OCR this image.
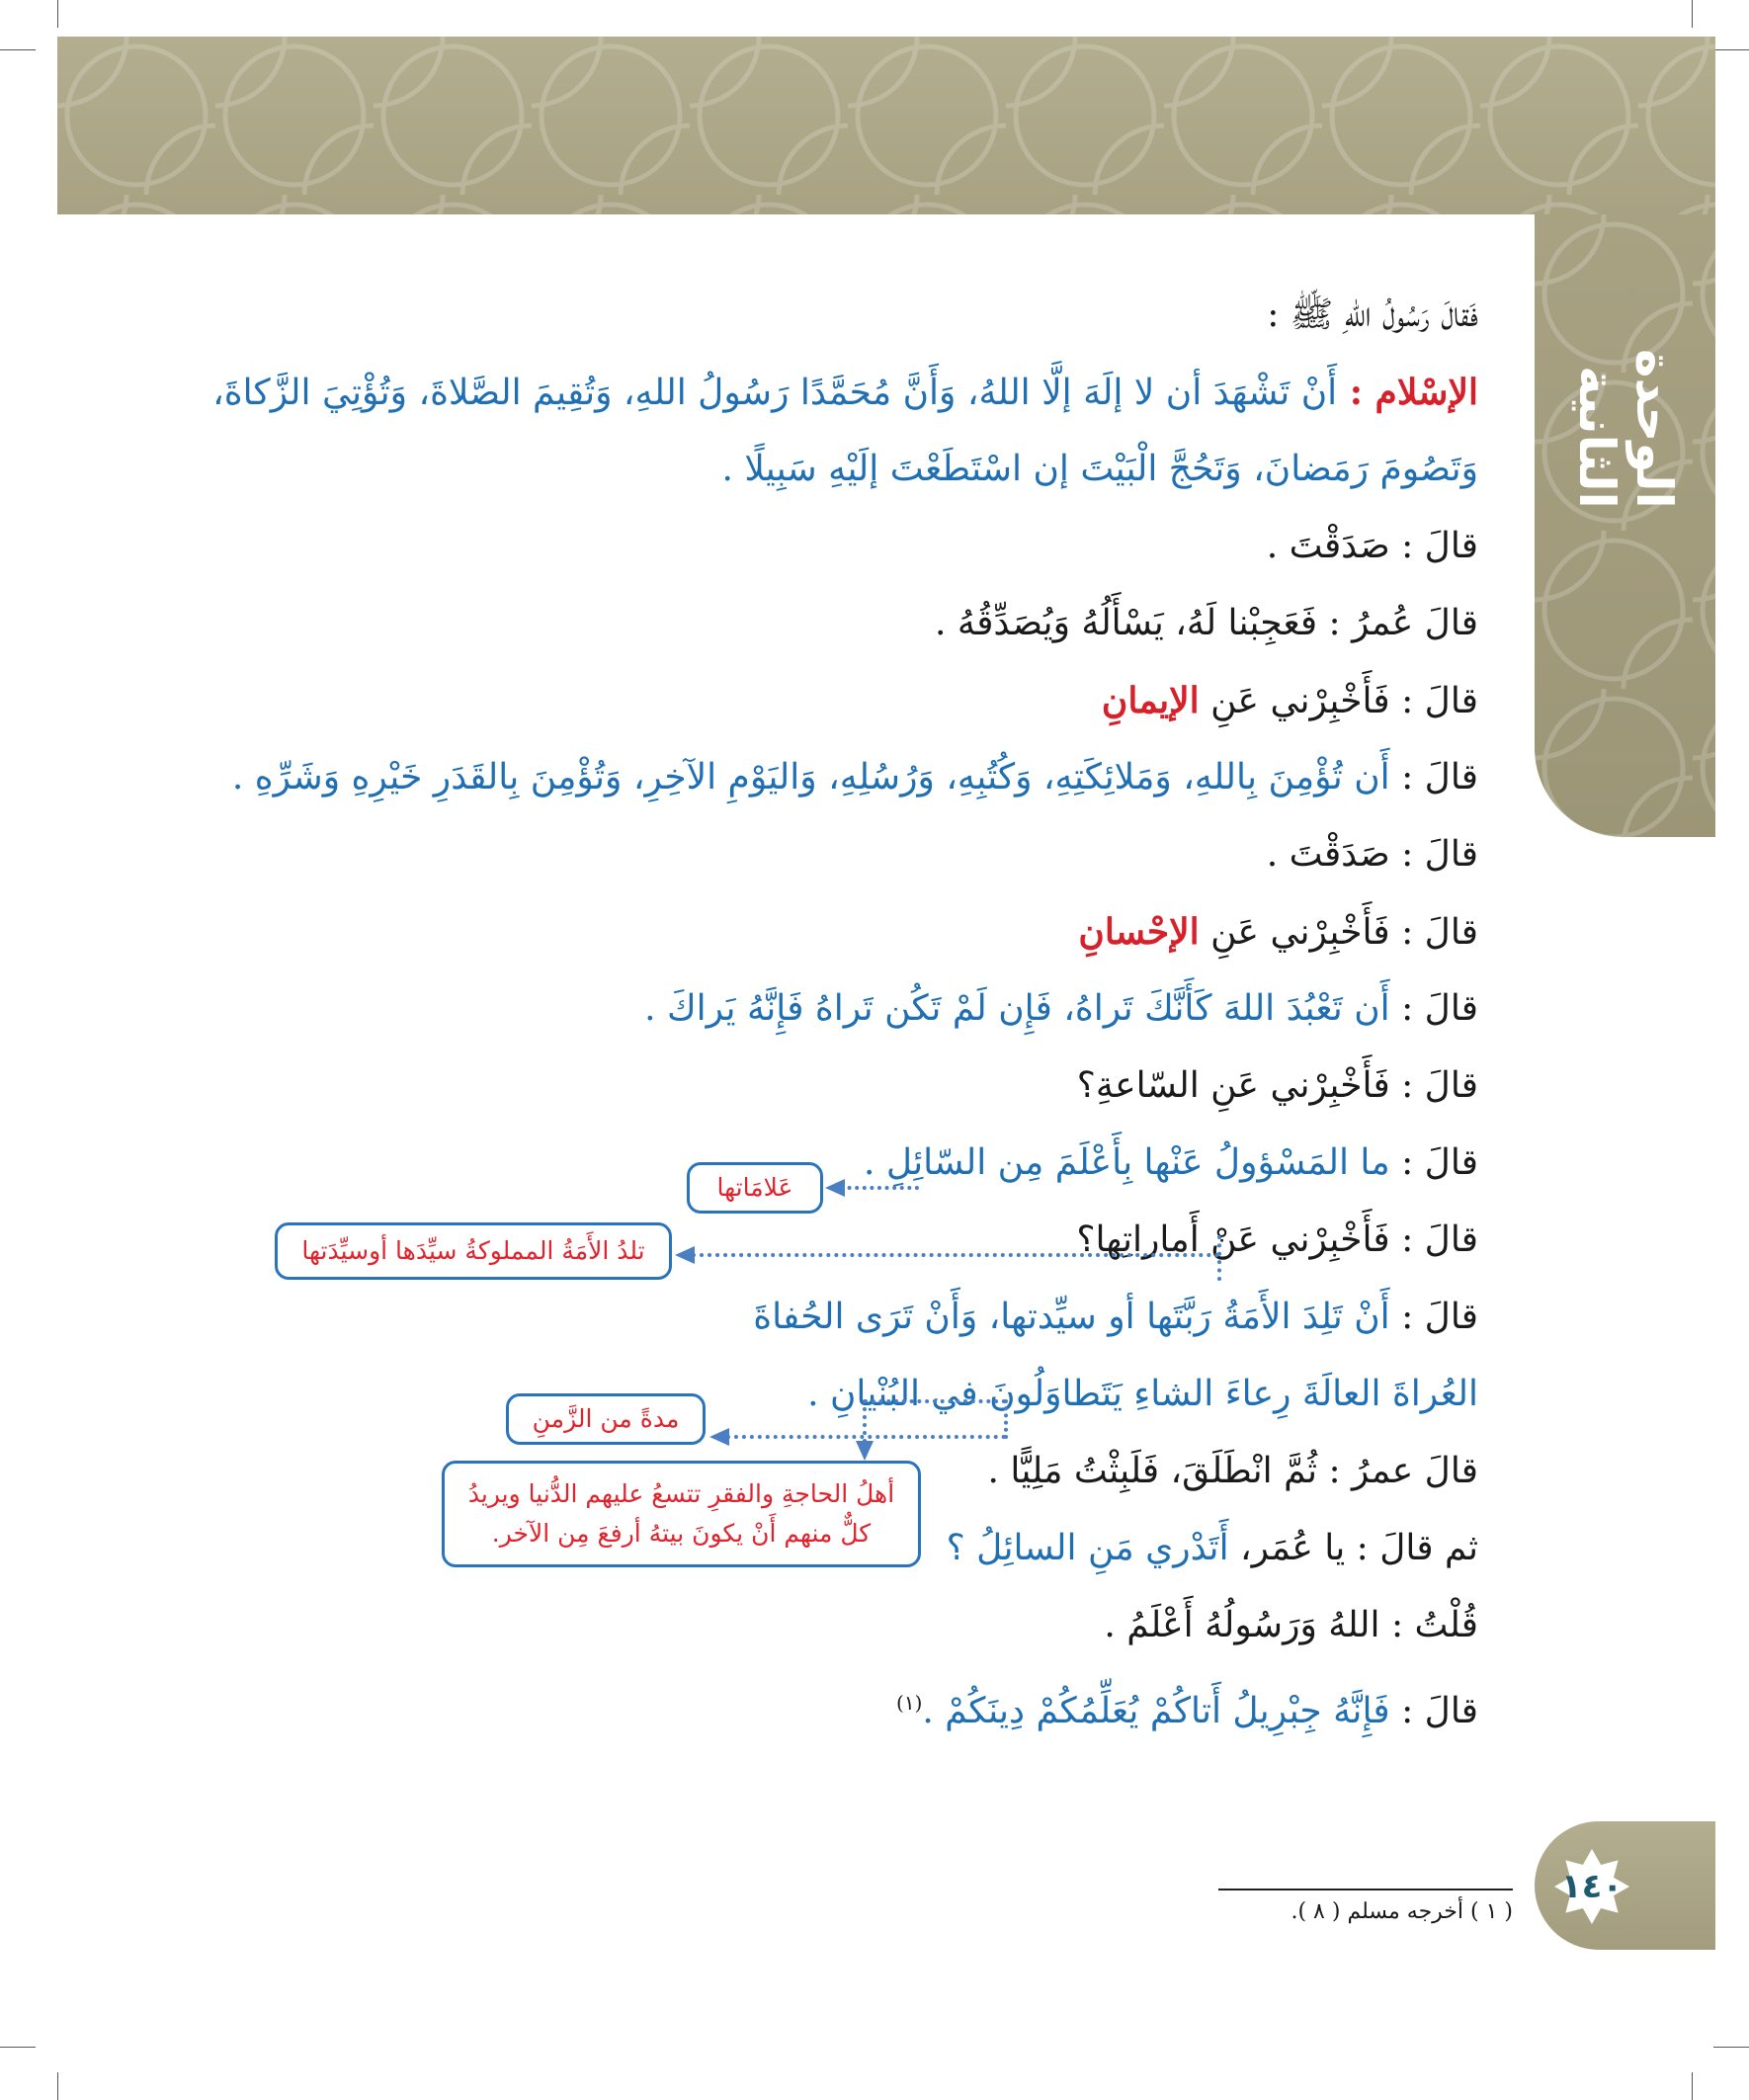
الوحدة الثانية
فَقالَ رَسُولُ اللهِ ﷺ :
الإسْلام : أَنْ تَشْهَدَ أن لا إلَهَ إلَّا اللهُ، وَأَنَّ مُحَمَّدًا رَسُولُ اللهِ، وَتُقِيمَ الصَّلاةَ، وَتُؤْتِيَ الزَّكاةَ،
وَتَصُومَ رَمَضانَ، وَتَحُجَّ الْبَيْتَ إن اسْتَطَعْتَ إلَيْهِ سَبِيلًا .
قالَ : صَدَقْتَ .
قالَ عُمرُ : فَعَجِبْنا لَهُ، يَسْأَلُهُ وَيُصَدِّقُهُ .
قالَ : فَأَخْبِرْني عَنِ الإيمانِ
قالَ : أَن تُؤْمِنَ بِاللهِ، وَمَلائِكَتِهِ، وَكُتُبِهِ، وَرُسُلِهِ، وَاليَوْمِ الآخِرِ، وَتُؤْمِنَ بِالقَدَرِ خَيْرِهِ وَشَرِّهِ .
قالَ : صَدَقْتَ .
قالَ : فَأَخْبِرْني عَنِ الإحْسانِ
قالَ : أَن تَعْبُدَ اللهَ كَأَنَّكَ تَراهُ، فَإِن لَمْ تَكُن تَراهُ فَإِنَّهُ يَراكَ .
قالَ : فَأَخْبِرْني عَنِ السّاعةِ؟
قالَ : ما المَسْؤولُ عَنْها بِأَعْلَمَ مِن السّائِلِ .
قالَ : فَأَخْبِرْني عَنْ أَماراتِها؟
قالَ : أَنْ تَلِدَ الأَمَةُ رَبَّتَها أو سيِّدتها، وَأَنْ تَرَى الحُفاةَ
العُراةَ العالَةَ رِعاءَ الشاءِ يَتَطاوَلُونَ في البُنْيانِ .
قالَ عمرُ : ثُمَّ انْطَلَقَ، فَلَبِثْتُ مَلِيًّا .
ثم قالَ : يا عُمَر، أَتَدْري مَنِ السائِلُ ؟
قُلْتُ : اللهُ وَرَسُولُهُ أَعْلَمُ .
قالَ : فَإِنَّهُ جِبْرِيلُ أَتاكُمْ يُعَلِّمُكُمْ دِينَكُمْ .$^{(١)}$
عَلامَاتها
تلدُ الأَمَةُ المملوكةُ سيِّدَها أوسيِّدَتها
مدةً من الزَّمنِ
أهلُ الحاجةِ والفقرِ تتسعُ عليهم الدُّنيا ويريدُ كلٌّ منهم أَنْ يكونَ بيتهُ أرفعَ مِن الآخر.
١٤٠
( ١ ) أخرجه مسلم ( ٨ ).
